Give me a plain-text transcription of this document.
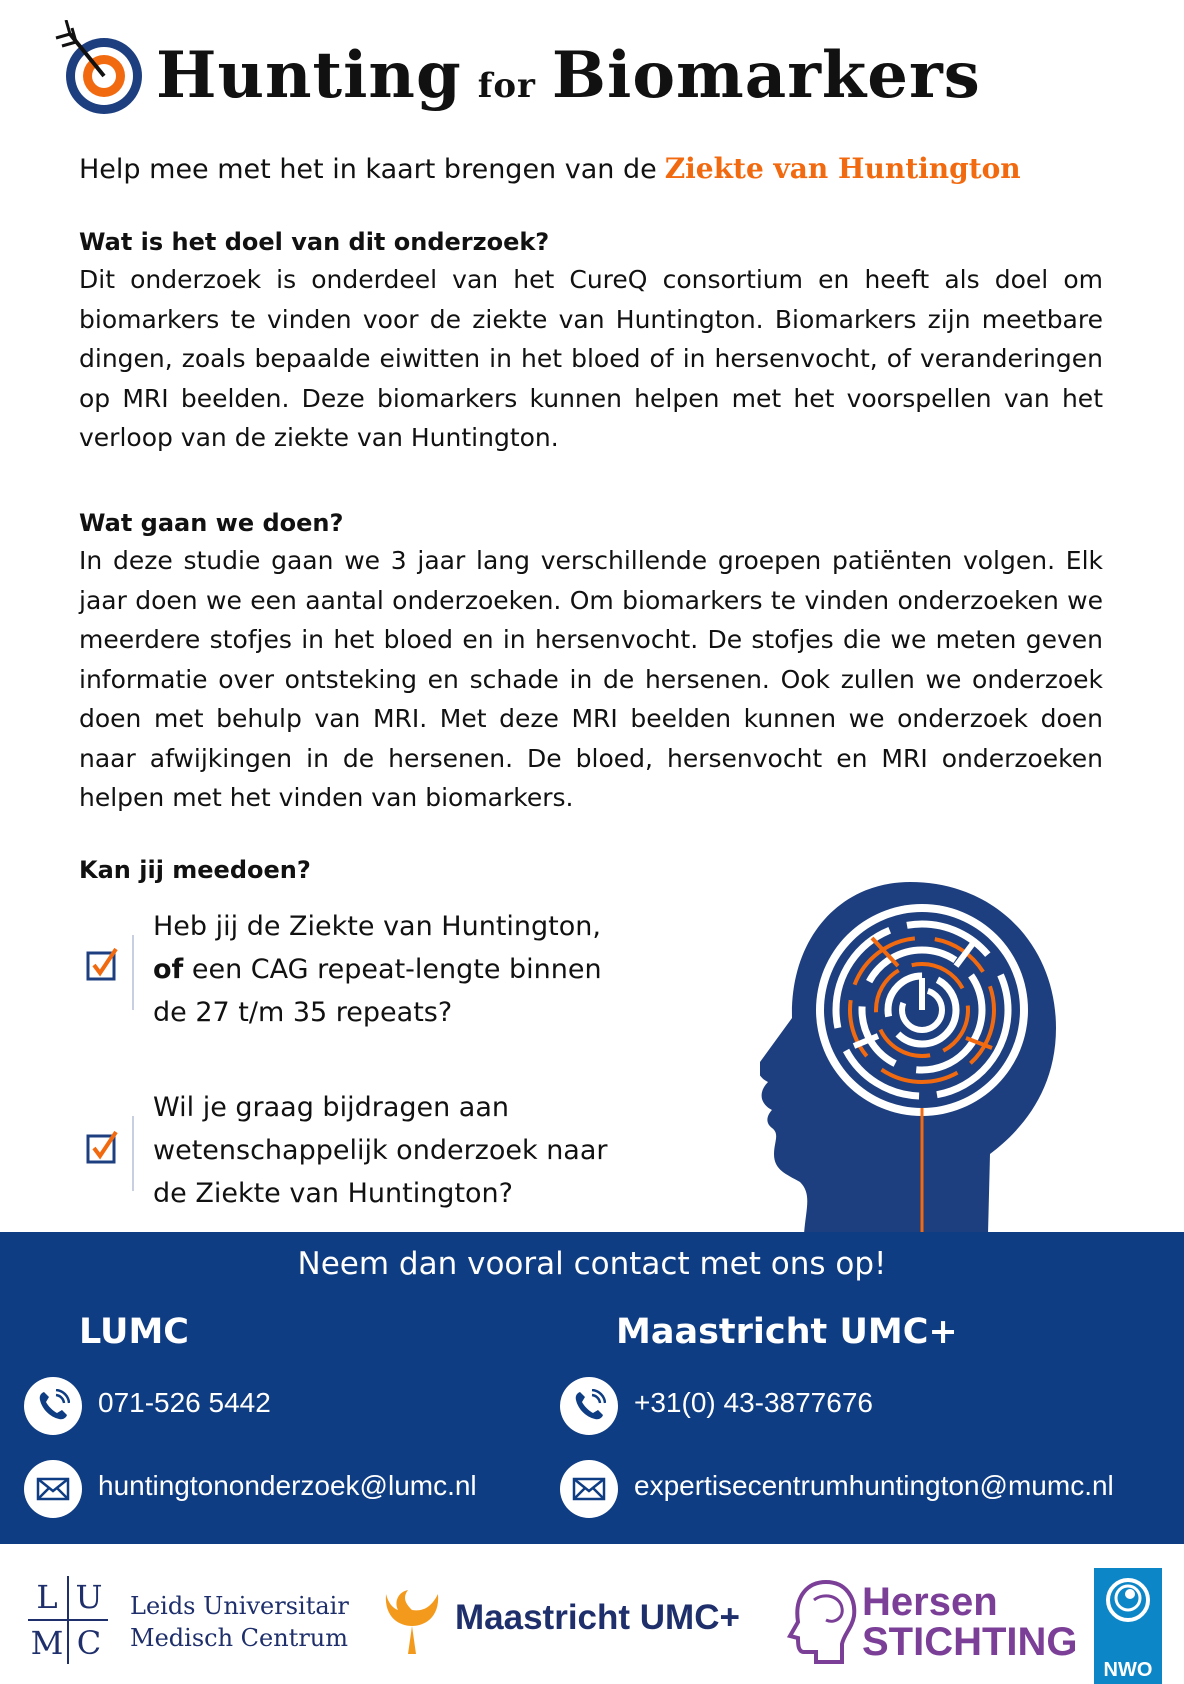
Hunting for Biomarkers
Help mee met het in kaart brengen van de Ziekte van Huntington
Wat is het doel van dit onderzoek?

Dit onderzoek is onderdeel van het CureQ consortium en heeft als doel om biomarkers te vinden voor de ziekte van Huntington. Biomarkers zijn meetbare dingen, zoals bepaalde eiwitten in het bloed of in hersenvocht, of veranderingen op MRI beelden. Deze biomarkers kunnen helpen met het voorspellen van het verloop van de ziekte van Huntington.

Wat gaan we doen?

In deze studie gaan we 3 jaar lang verschillende groepen patiënten volgen. Elk jaar doen we een aantal onderzoeken. Om biomarkers te vinden onderzoeken we meerdere stofjes in het bloed en in hersenvocht. De stofjes die we meten geven informatie over ontsteking en schade in de hersenen. Ook zullen we onderzoek doen met behulp van MRI. Met deze MRI beelden kunnen we onderzoek doen naar afwijkingen in de hersenen. De bloed, hersenvocht en MRI onderzoeken helpen met het vinden van biomarkers.

Kan jij meedoen?
Heb jij de Ziekte van Huntington,
of een CAG repeat-lengte binnen
de 27 t/m 35 repeats?
Wil je graag bijdragen aan
wetenschappelijk onderzoek naar
de Ziekte van Huntington?
Neem dan vooral contact met ons op!
LUMC	Maastricht UMC+
071-526 5442
huntingtononderzoek@lumc.nl
+31(0) 43-3877676
expertisecentrumhuntington@mumc.nl
L U
M C
Leids Universitair
Medisch Centrum
Maastricht UMC+	Hersen
STICHTING
NWO
